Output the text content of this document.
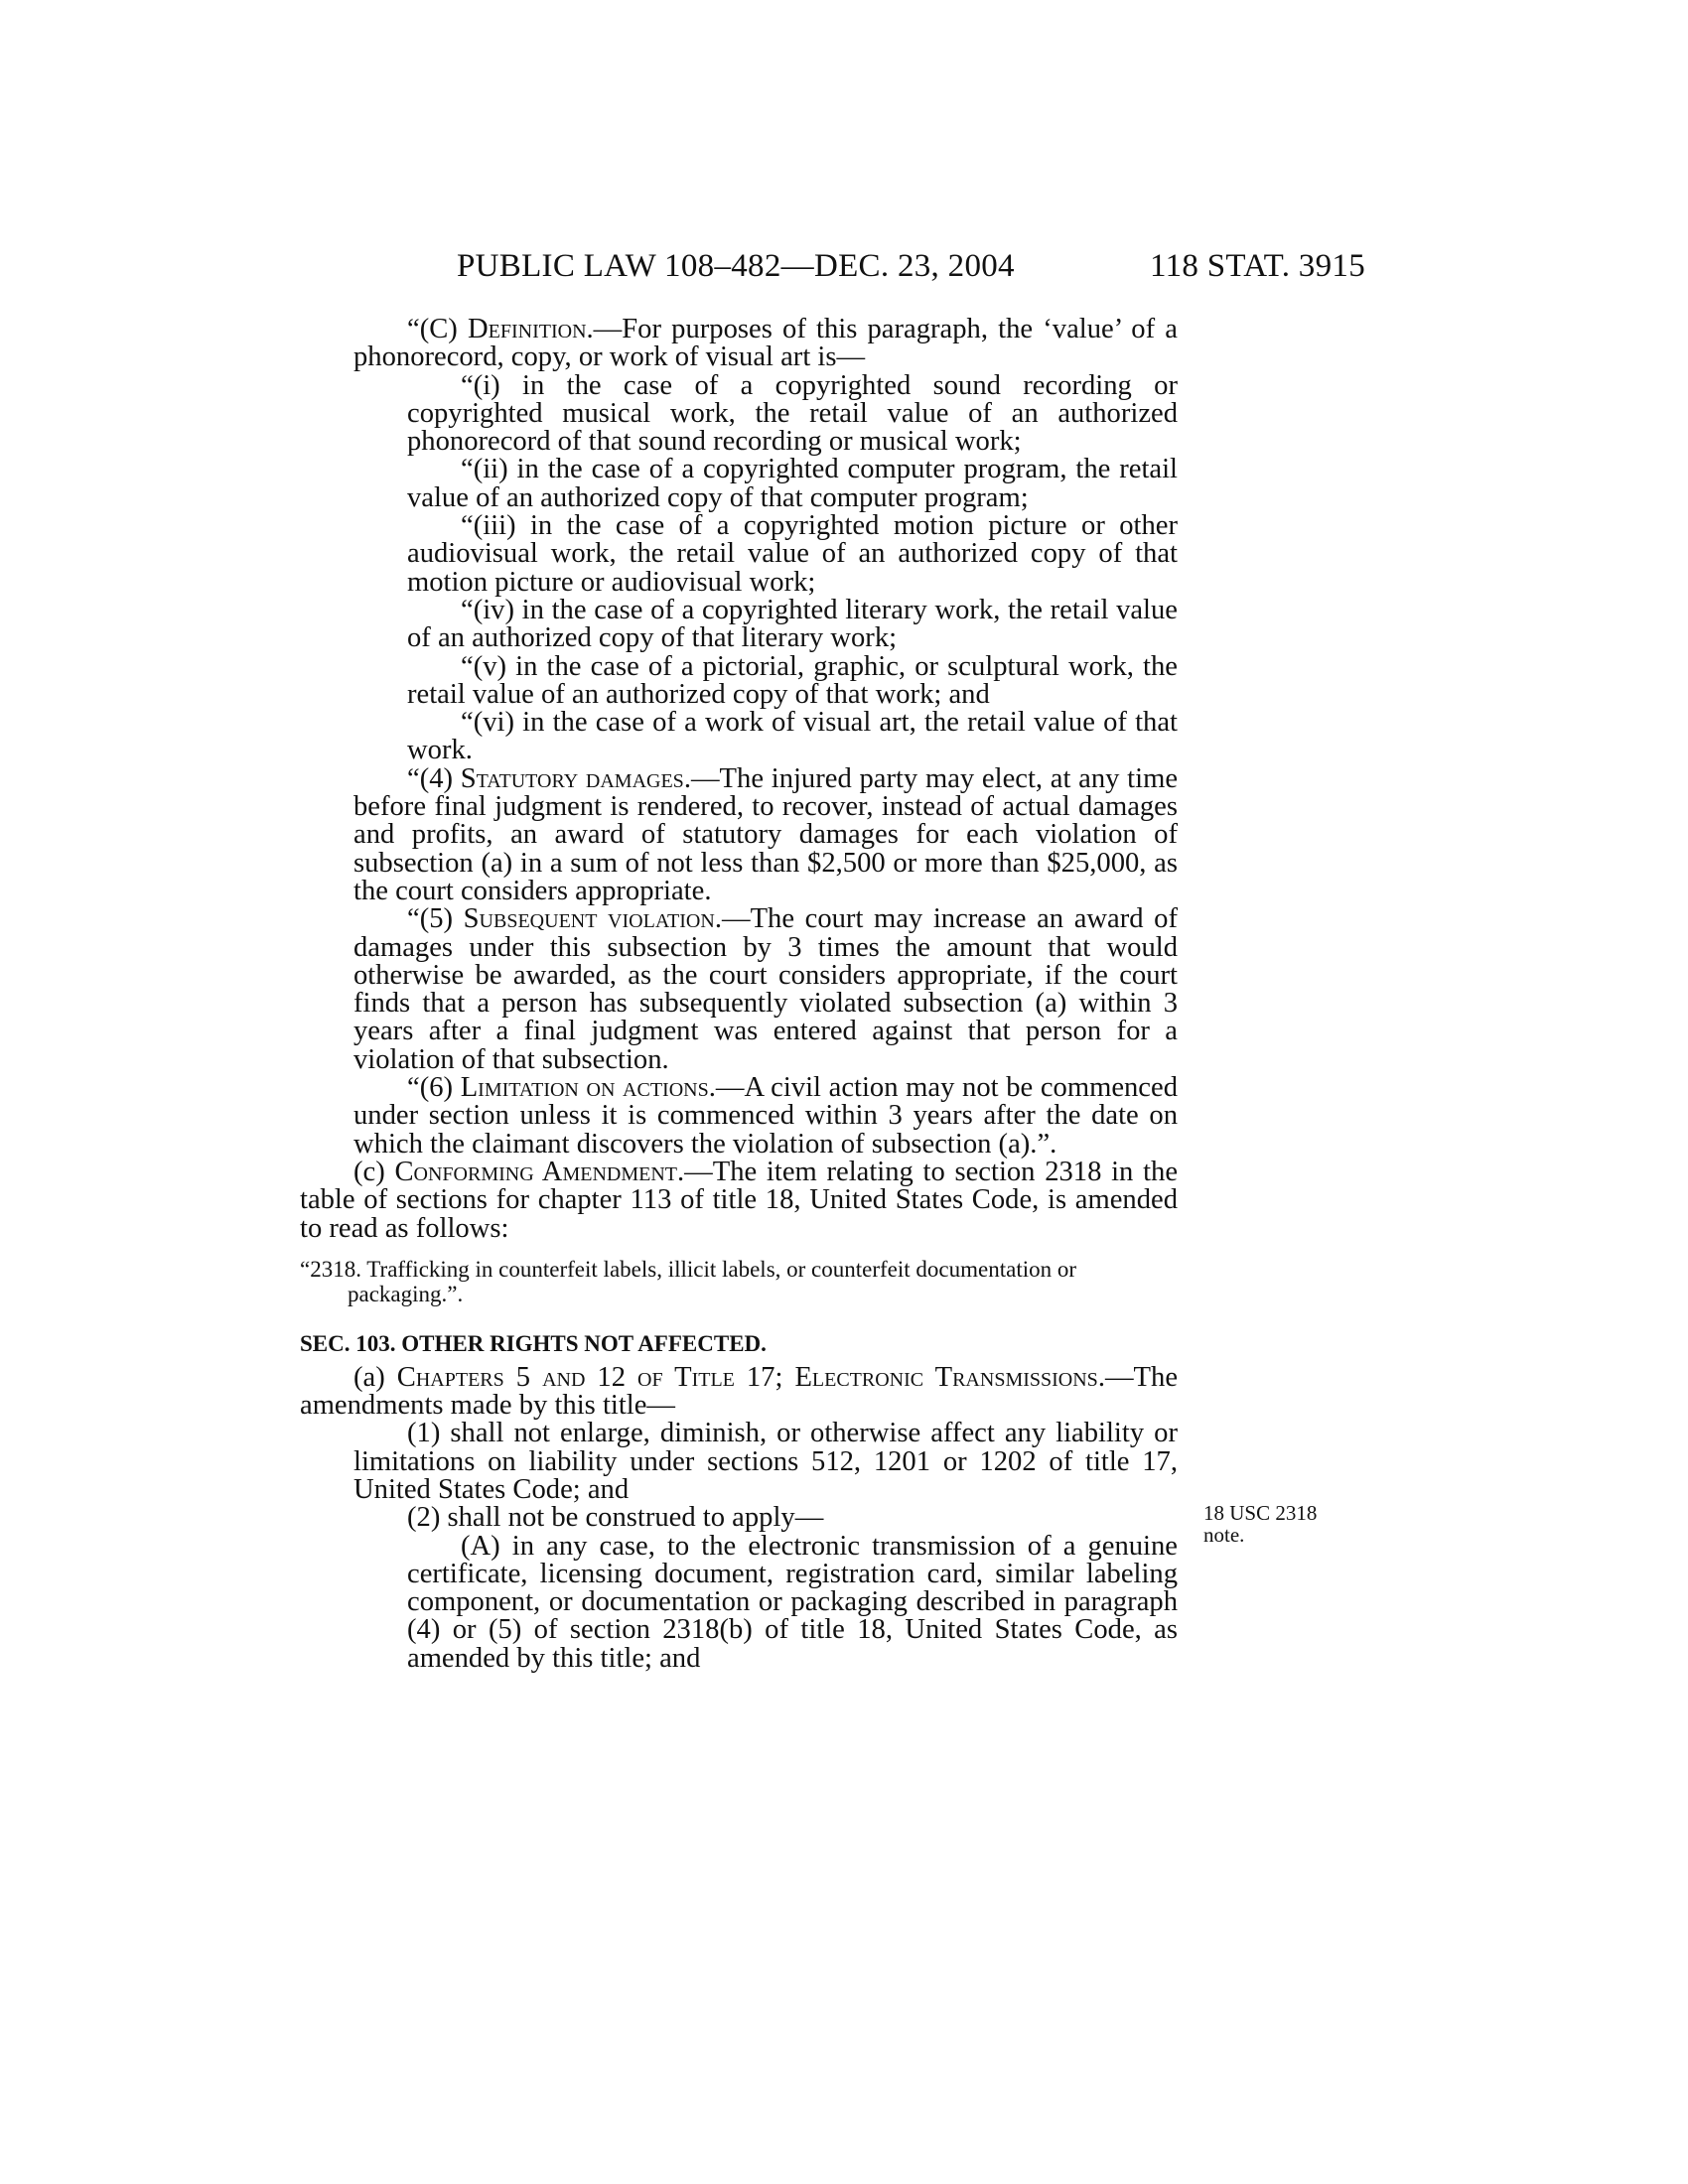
PUBLIC LAW 108–482—DEC. 23, 2004	118 STAT. 3915

“(C) Definition.—For purposes of this paragraph, the ‘value’ of a phonorecord, copy, or work of visual art is—

“(i) in the case of a copyrighted sound recording or copyrighted musical work, the retail value of an authorized phonorecord of that sound recording or musical work;

“(ii) in the case of a copyrighted computer program, the retail value of an authorized copy of that computer program;

“(iii) in the case of a copyrighted motion picture or other audiovisual work, the retail value of an authorized copy of that motion picture or audiovisual work;

“(iv) in the case of a copyrighted literary work, the retail value of an authorized copy of that literary work;

“(v) in the case of a pictorial, graphic, or sculptural work, the retail value of an authorized copy of that work; and

“(vi) in the case of a work of visual art, the retail value of that work.

“(4) Statutory damages.—The injured party may elect, at any time before final judgment is rendered, to recover, instead of actual damages and profits, an award of statutory damages for each violation of subsection (a) in a sum of not less than $2,500 or more than $25,000, as the court considers appropriate.

“(5) Subsequent violation.—The court may increase an award of damages under this subsection by 3 times the amount that would otherwise be awarded, as the court considers appropriate, if the court finds that a person has subsequently violated subsection (a) within 3 years after a final judgment was entered against that person for a violation of that subsection.

“(6) Limitation on actions.—A civil action may not be commenced under section unless it is commenced within 3 years after the date on which the claimant discovers the violation of subsection (a).”.

(c) Conforming Amendment.—The item relating to section 2318 in the table of sections for chapter 113 of title 18, United States Code, is amended to read as follows:

“2318. Trafficking in counterfeit labels, illicit labels, or counterfeit documentation or packaging.”.

SEC. 103. OTHER RIGHTS NOT AFFECTED.

(a) Chapters 5 and 12 of Title 17; Electronic Transmissions.—The amendments made by this title—

(1) shall not enlarge, diminish, or otherwise affect any liability or limitations on liability under sections 512, 1201 or 1202 of title 17, United States Code; and

(2) shall not be construed to apply—

(A) in any case, to the electronic transmission of a genuine certificate, licensing document, registration card, similar labeling component, or documentation or packaging described in paragraph (4) or (5) of section 2318(b) of title 18, United States Code, as amended by this title; and

18 USC 2318
note.
